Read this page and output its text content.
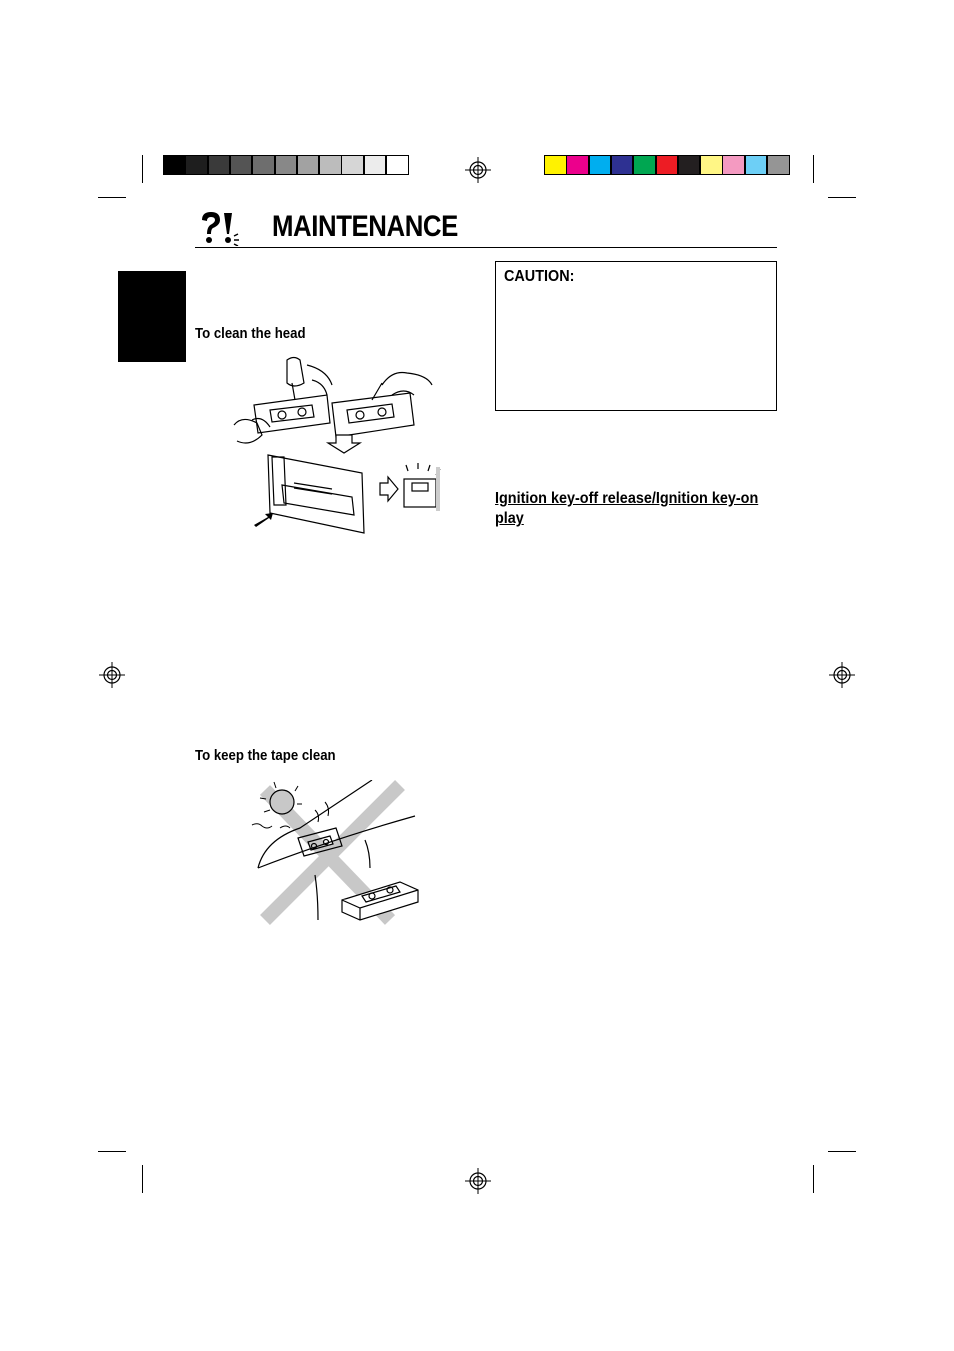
MAINTENANCE
To clean the head
To keep the tape clean
CAUTION:
Ignition key-off release/Ignition key-on play
